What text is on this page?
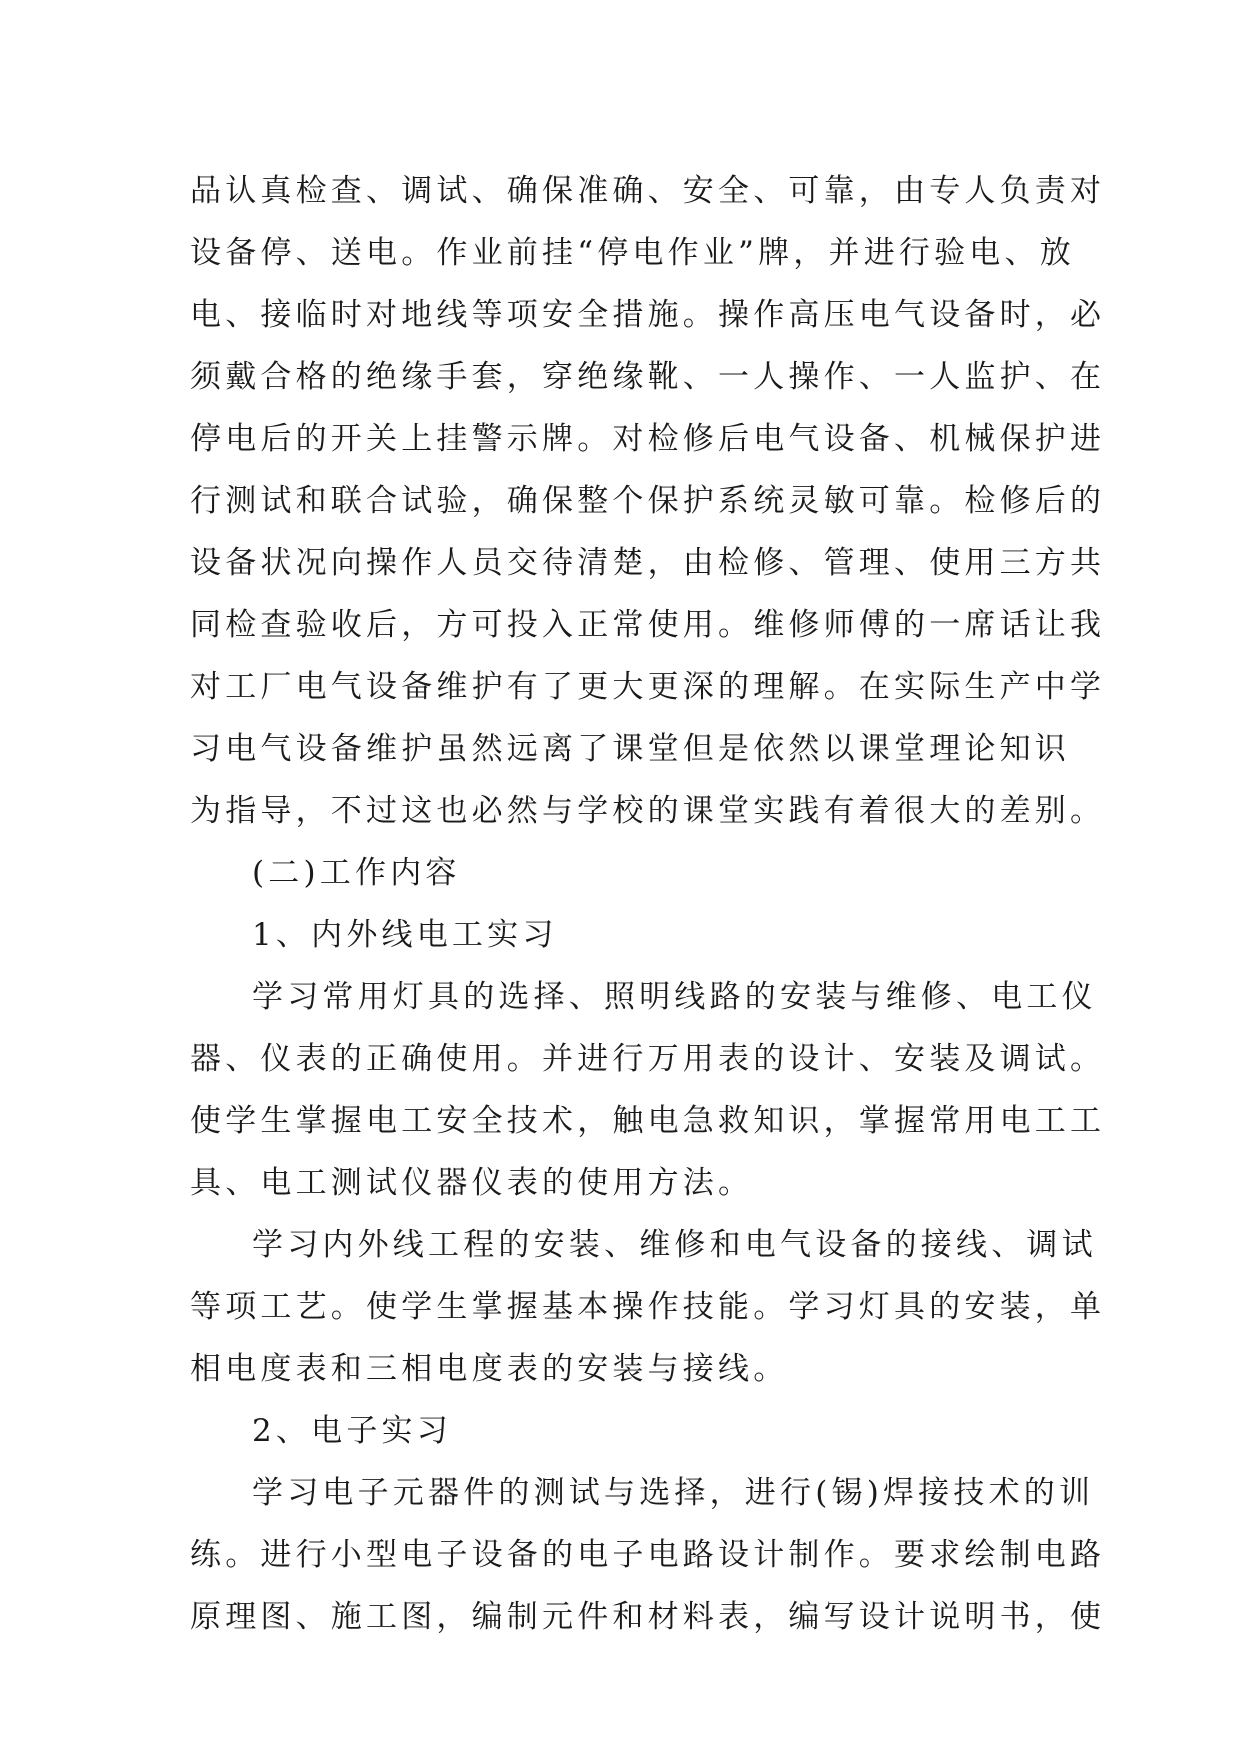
品认真检查、调试、确保准确、安全、可靠，由专人负责对
设备停、送电。作业前挂“停电作业”牌，并进行验电、放
电、接临时对地线等项安全措施。操作高压电气设备时，必
须戴合格的绝缘手套，穿绝缘靴、一人操作、一人监护、在
停电后的开关上挂警示牌。对检修后电气设备、机械保护进
行测试和联合试验，确保整个保护系统灵敏可靠。检修后的
设备状况向操作人员交待清楚，由检修、管理、使用三方共
同检查验收后，方可投入正常使用。维修师傅的一席话让我
对工厂电气设备维护有了更大更深的理解。在实际生产中学
习电气设备维护虽然远离了课堂但是依然以课堂理论知识
为指导，不过这也必然与学校的课堂实践有着很大的差别。
(二)工作内容
1、内外线电工实习
学习常用灯具的选择、照明线路的安装与维修、电工仪
器、仪表的正确使用。并进行万用表的设计、安装及调试。
使学生掌握电工安全技术，触电急救知识，掌握常用电工工
具、电工测试仪器仪表的使用方法。
学习内外线工程的安装、维修和电气设备的接线、调试
等项工艺。使学生掌握基本操作技能。学习灯具的安装，单
相电度表和三相电度表的安装与接线。
2、电子实习
学习电子元器件的测试与选择，进行(锡)焊接技术的训
练。进行小型电子设备的电子电路设计制作。要求绘制电路
原理图、施工图，编制元件和材料表，编写设计说明书，使
